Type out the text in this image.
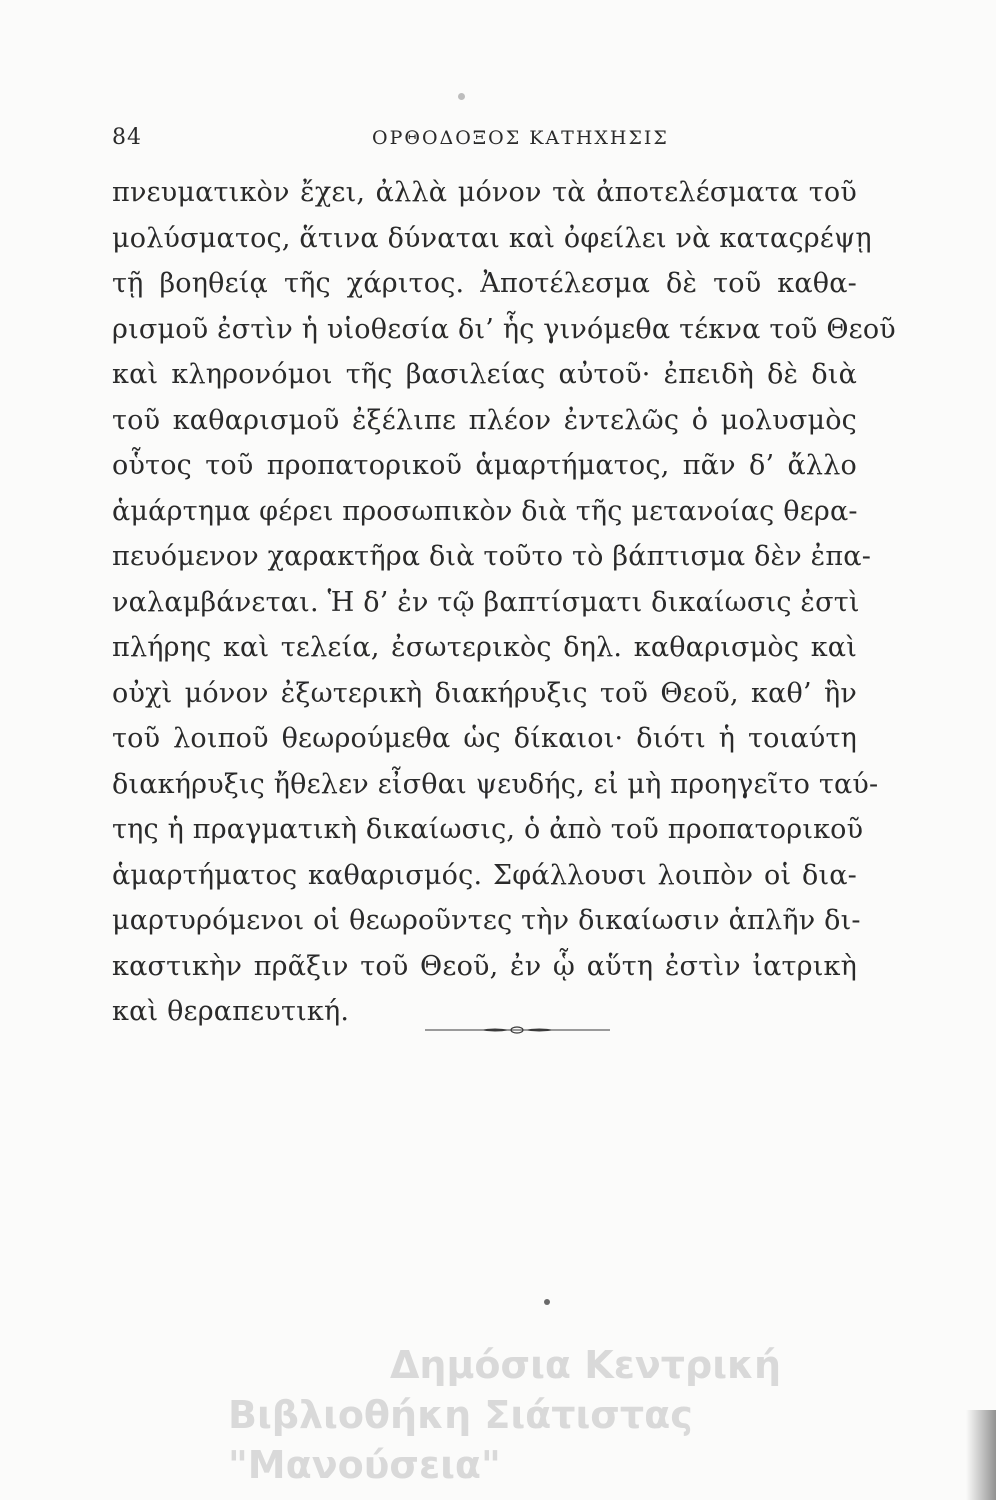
84	ΟΡΘΟΔΟΞΟΣ ΚΑΤΗΧΗΣΙΣ
πνευματικὸν ἔχει, ἀλλὰ μόνον τὰ ἀποτελέσματα τοῦ
μολύσματος, ἅτινα δύναται καὶ ὀφείλει νὰ καταςρέψῃ
τῇ βοηθείᾳ τῆς χάριτος. Ἀποτέλεσμα δὲ τοῦ καθα-
ρισμοῦ ἐστὶν ἡ υἱοθεσία δι’ ἧς γινόμεθα τέκνα τοῦ Θεοῦ
καὶ κληρονόμοι τῆς βασιλείας αὐτοῦ· ἐπειδὴ δὲ διὰ
τοῦ καθαρισμοῦ ἐξέλιπε πλέον ἐντελῶς ὁ μολυσμὸς
οὗτος τοῦ προπατορικοῦ ἁμαρτήματος, πᾶν δ’ ἄλλο
ἁμάρτημα φέρει προσωπικὸν διὰ τῆς μετανοίας θερα-
πευόμενον χαρακτῆρα διὰ τοῦτο τὸ βάπτισμα δὲν ἐπα-
ναλαμβάνεται. Ἡ δ’ ἐν τῷ βαπτίσματι δικαίωσις ἐστὶ
πλήρης καὶ τελεία, ἐσωτερικὸς δηλ. καθαρισμὸς καὶ
οὐχὶ μόνον ἐξωτερικὴ διακήρυξις τοῦ Θεοῦ, καθ’ ἣν
τοῦ λοιποῦ θεωρούμεθα ὡς δίκαιοι· διότι ἡ τοιαύτη
διακήρυξις ἤθελεν εἶσθαι ψευδής, εἰ μὴ προηγεῖτο ταύ-
της ἡ πραγματικὴ δικαίωσις, ὁ ἀπὸ τοῦ προπατορικοῦ
ἁμαρτήματος καθαρισμός. Σφάλλουσι λοιπὸν οἱ δια-
μαρτυρόμενοι οἱ θεωροῦντες τὴν δικαίωσιν ἁπλῆν δι-
καστικὴν πρᾶξιν τοῦ Θεοῦ, ἐν ᾧ αὕτη ἐστὶν ἰατρικὴ
καὶ θεραπευτική.
Δημόσια Κεντρική
Βιβλιοθήκη Σιάτιστας "Μανούσεια"
